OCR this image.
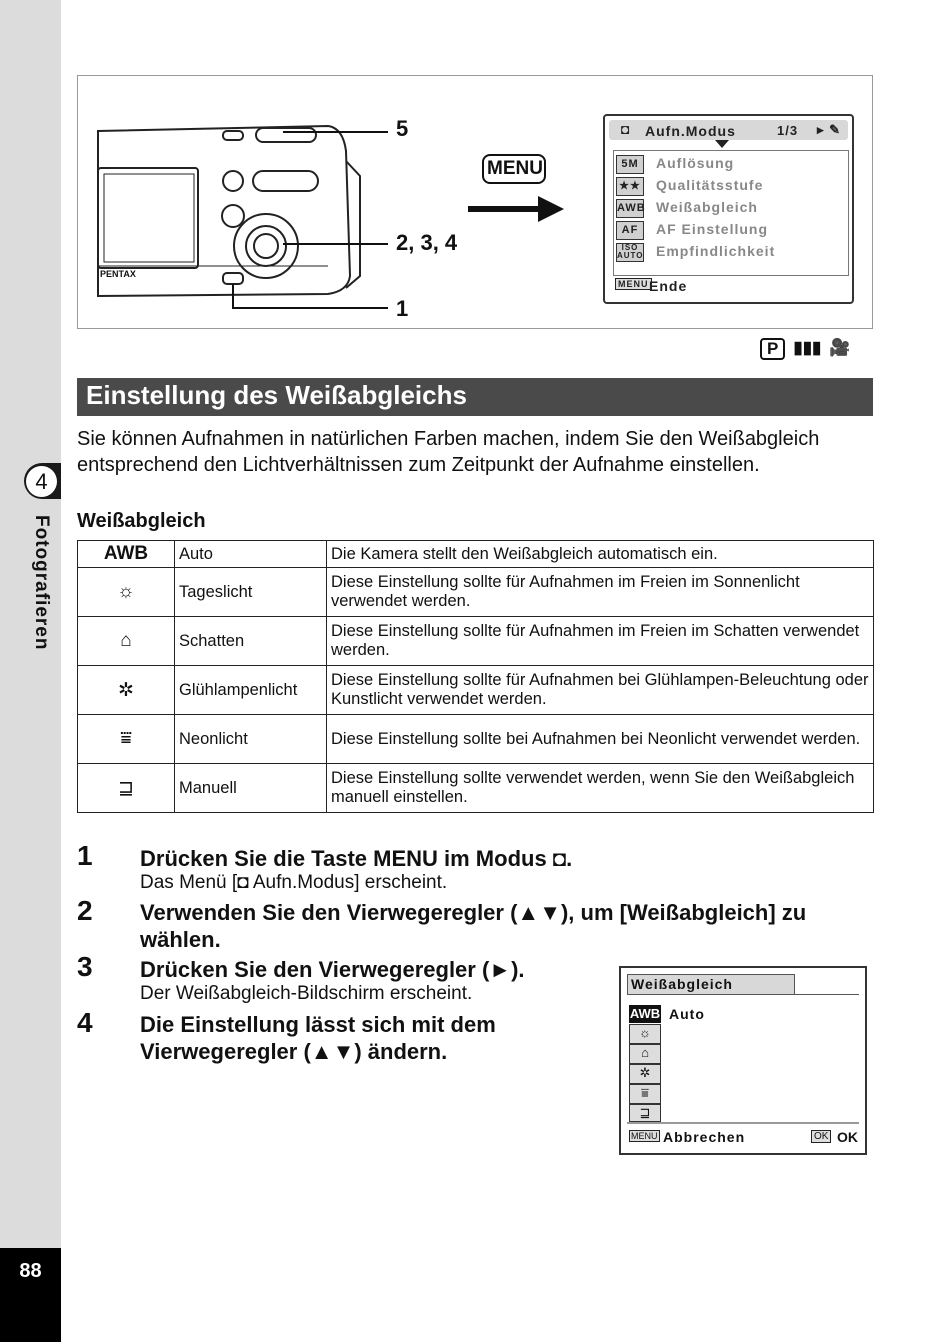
4
Fotografieren
88
PENTAX
5
2, 3, 4
1
MENU
◘ Aufn.Modus	1/3 ▸ ✎
5M	Auflösung
★★ Qualitätsstufe
AWB Weißabgleich
AF	AF Einstellung
ISO AUTO Empfindlichkeit
MENU Ende
P ▮▮▮ 🎥
Einstellung des Weißabgleichs
Sie können Aufnahmen in natürlichen Farben machen, indem Sie den Weißabgleich entsprechend den Lichtverhältnissen zum Zeitpunkt der Aufnahme einstellen.
Weißabgleich
AWB	Auto	Die Kamera stellt den Weißabgleich automatisch ein.
☼	Tageslicht	Diese Einstellung sollte für Aufnahmen im Freien im Sonnenlicht verwendet werden.
⌂	Schatten	Diese Einstellung sollte für Aufnahmen im Freien im Schatten verwendet werden.
✲	Glühlampenlicht	Diese Einstellung sollte für Aufnahmen bei Glühlampen-Beleuchtung oder Kunstlicht verwendet werden.
⩸	Neonlicht	Diese Einstellung sollte bei Aufnahmen bei Neonlicht verwendet werden.
⊒	Manuell	Diese Einstellung sollte verwendet werden, wenn Sie den Weißabgleich manuell einstellen.
1 Drücken Sie die Taste MENU im Modus ◘.
Das Menü [◘ Aufn.Modus] erscheint.
2 Verwenden Sie den Vierwegeregler (▲▼), um [Weißabgleich] zu wählen.
3 Drücken Sie den Vierwegeregler (►).
Der Weißabgleich-Bildschirm erscheint.
4 Die Einstellung lässt sich mit dem Vierwegeregler (▲▼) ändern.
Weißabgleich
AWB Auto
☼
⌂
✲
⩸
⊒
MENU Abbrechen	OK OK
